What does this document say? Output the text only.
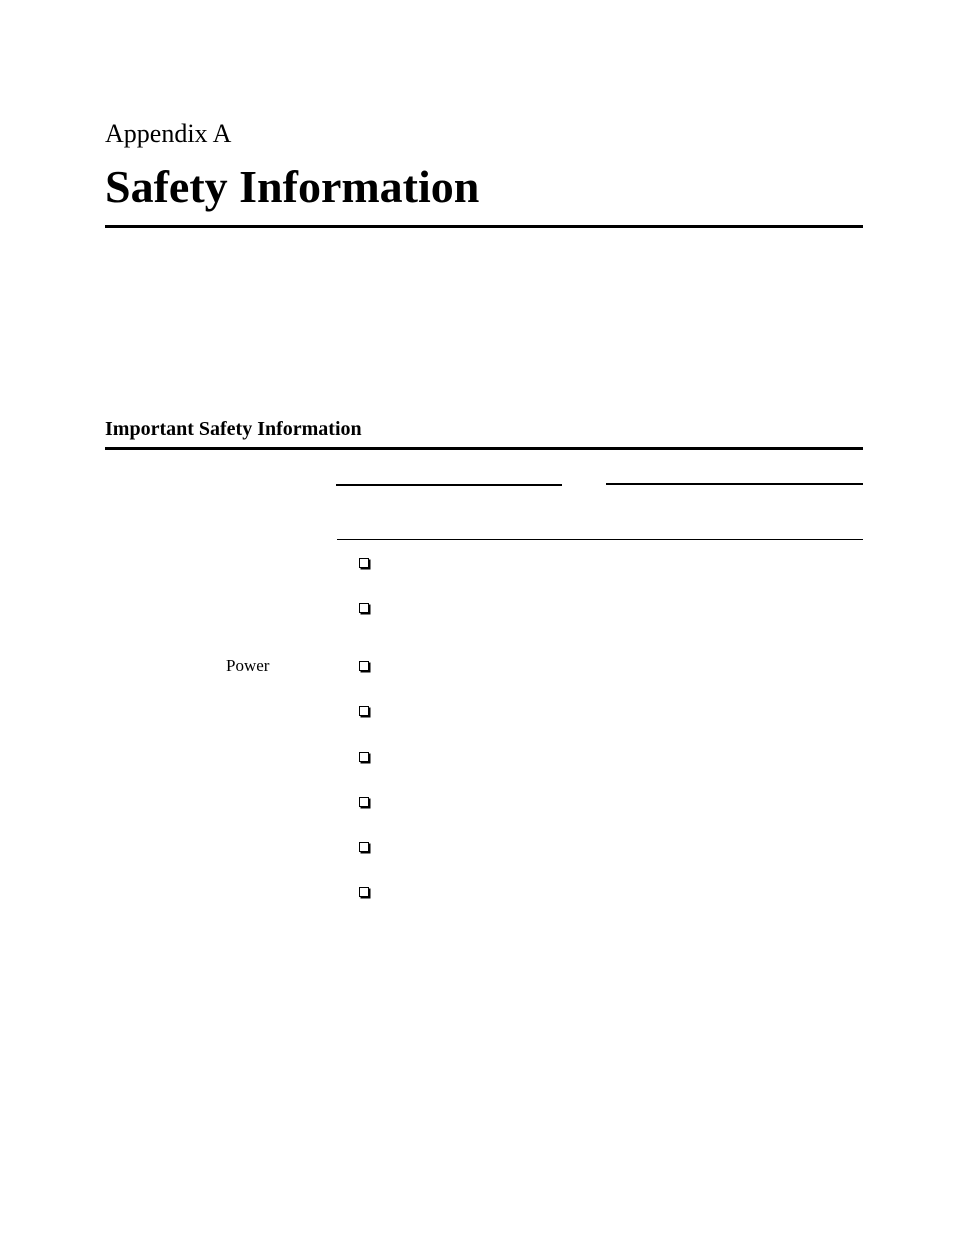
Appendix A
Safety Information
Important Safety Information
Power
